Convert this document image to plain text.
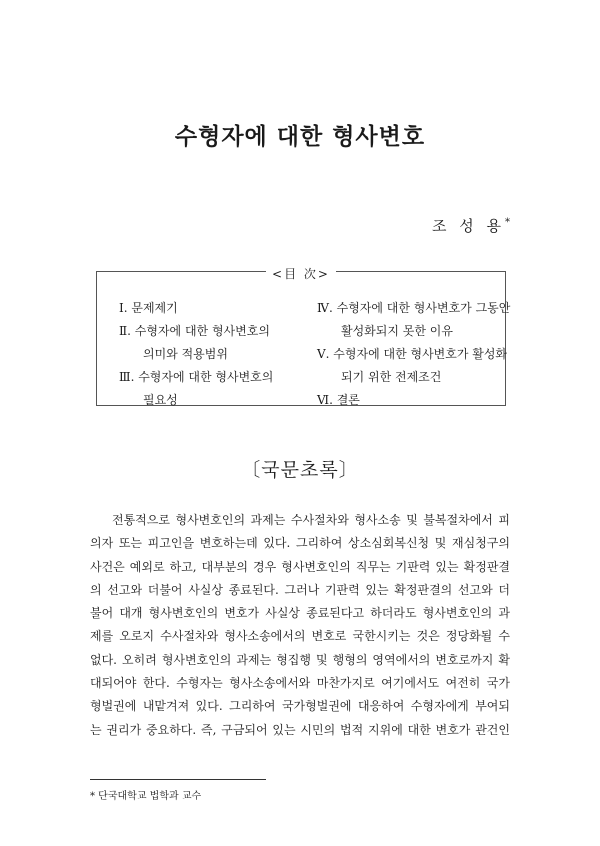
수형자에 대한 형사변호
조 성 용*
<目 次>
Ⅰ. 문제제기
Ⅱ. 수형자에 대한 형사변호의
의미와 적용범위
Ⅲ. 수형자에 대한 형사변호의
필요성
Ⅳ. 수형자에 대한 형사변호가 그동안
활성화되지 못한 이유
Ⅴ. 수형자에 대한 형사변호가 활성화
되기 위한 전제조건
Ⅵ. 결론
〔국문초록〕
전통적으로 형사변호인의 과제는 수사절차와 형사소송 및 불복절차에서 피
의자 또는 피고인을 변호하는데 있다. 그리하여 상소심회복신청 및 재심청구의
사건은 예외로 하고, 대부분의 경우 형사변호인의 직무는 기판력 있는 확정판결
의 선고와 더불어 사실상 종료된다. 그러나 기판력 있는 확정판결의 선고와 더
불어 대개 형사변호인의 변호가 사실상 종료된다고 하더라도 형사변호인의 과
제를 오로지 수사절차와 형사소송에서의 변호로 국한시키는 것은 정당화될 수
없다. 오히려 형사변호인의 과제는 형집행 및 행형의 영역에서의 변호로까지 확
대되어야 한다. 수형자는 형사소송에서와 마찬가지로 여기에서도 여전히 국가
형벌권에 내맡겨져 있다. 그리하여 국가형벌권에 대응하여 수형자에게 부여되
는 권리가 중요하다. 즉, 구금되어 있는 시민의 법적 지위에 대한 변호가 관건인
* 단국대학교 법학과 교수
